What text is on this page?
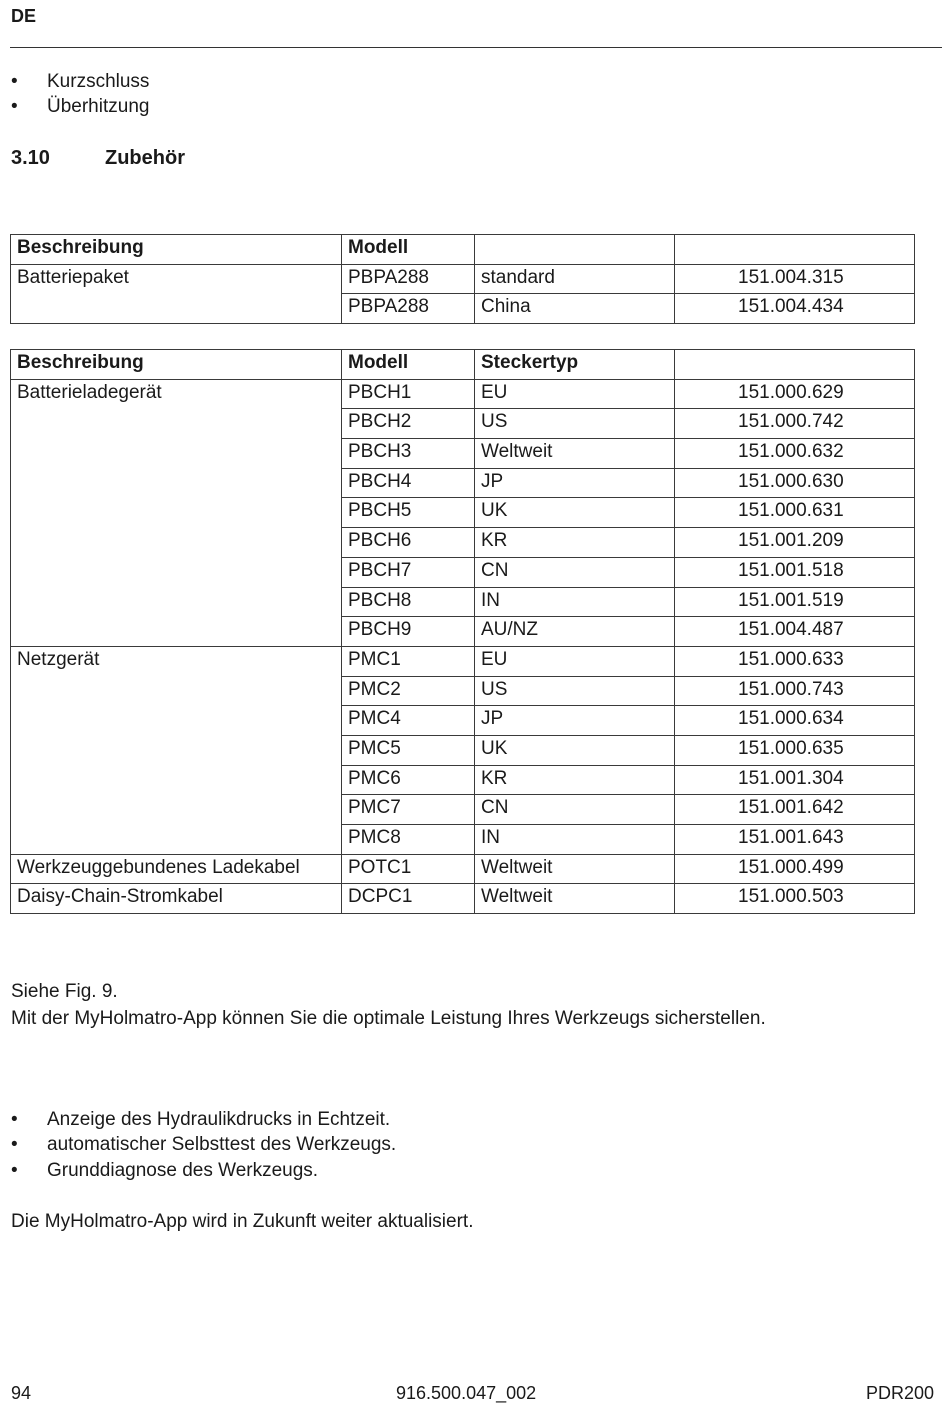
DE
• Kurzschluss
• Überhitzung
3.10	Zubehör
Beschreibung	Modell		
Batteriepaket	PBPA288	standard	151.004.315
	PBPA288	China	151.004.434
Beschreibung	Modell	Steckertyp	
Batterieladegerät	PBCH1	EU	151.000.629
	PBCH2	US	151.000.742
	PBCH3	Weltweit	151.000.632
	PBCH4	JP	151.000.630
	PBCH5	UK	151.000.631
	PBCH6	KR	151.001.209
	PBCH7	CN	151.001.518
	PBCH8	IN	151.001.519
	PBCH9	AU/NZ	151.004.487
Netzgerät	PMC1	EU	151.000.633
	PMC2	US	151.000.743
	PMC4	JP	151.000.634
	PMC5	UK	151.000.635
	PMC6	KR	151.001.304
	PMC7	CN	151.001.642
	PMC8	IN	151.001.643
Werkzeuggebundenes Ladekabel	POTC1	Weltweit	151.000.499
Daisy-Chain-Stromkabel	DCPC1	Weltweit	151.000.503
Siehe Fig. 9.
Mit der MyHolmatro-App können Sie die optimale Leistung Ihres Werkzeugs sicherstellen.
• Anzeige des Hydraulikdrucks in Echtzeit.
• automatischer Selbsttest des Werkzeugs.
• Grunddiagnose des Werkzeugs.
Die MyHolmatro-App wird in Zukunft weiter aktualisiert.
94	916.500.047_002	PDR200
